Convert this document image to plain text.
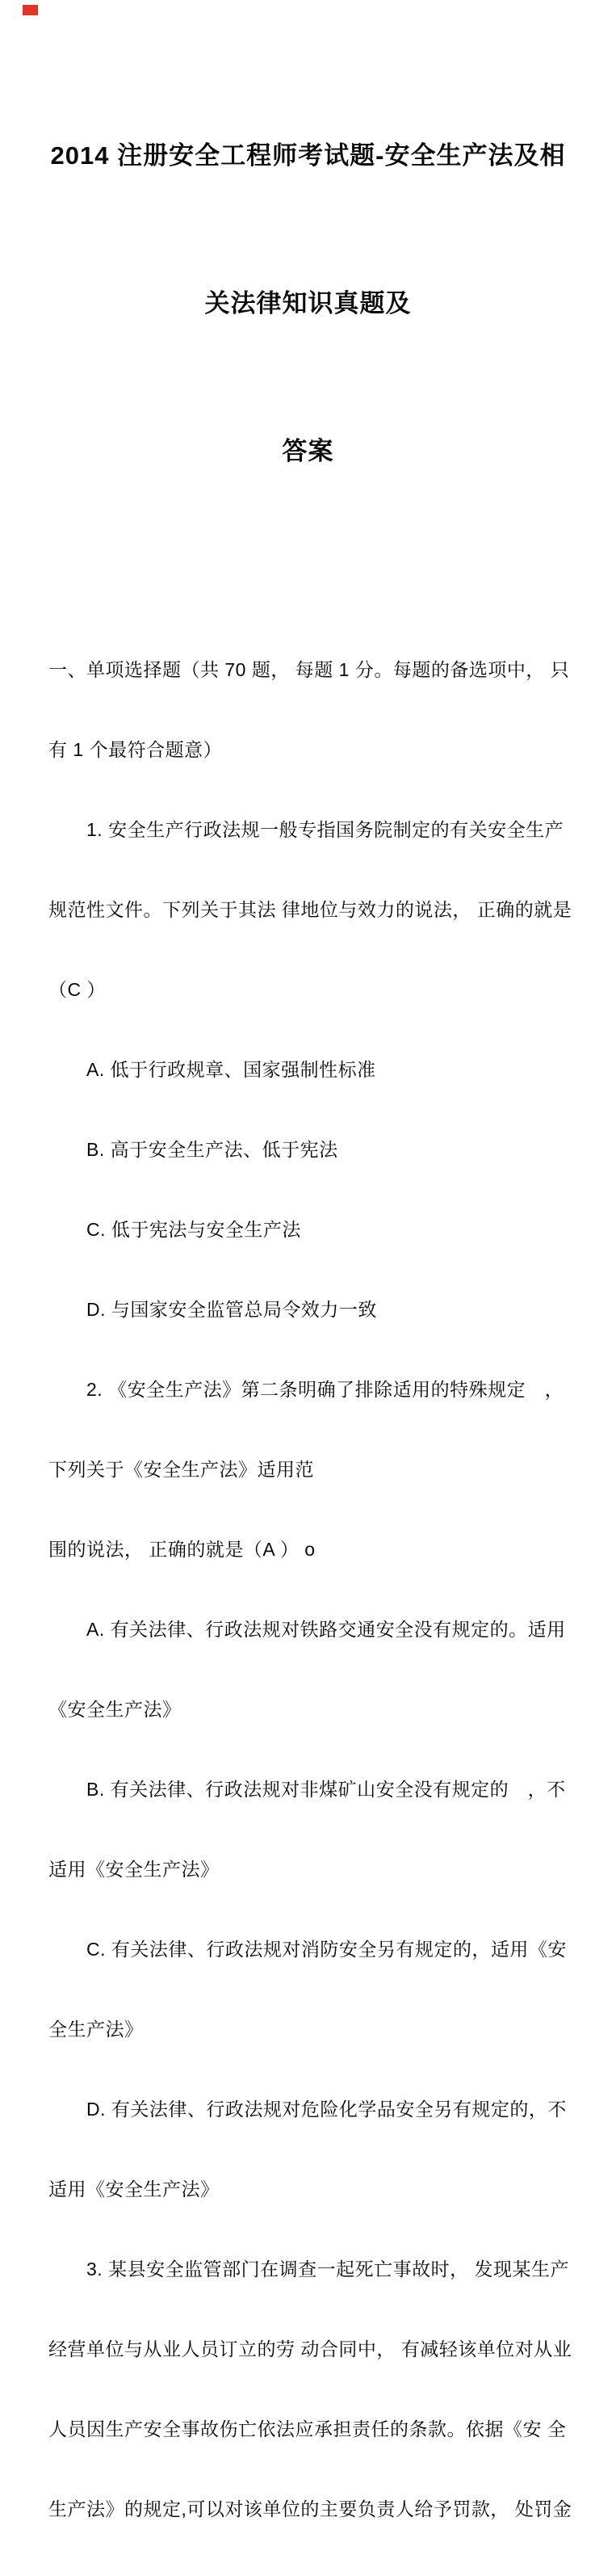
2014 注册安全工程师考试题-安全生产法及相

关法律知识真题及

答案

一、单项选择题（共 70 题， 每题 1 分。每题的备选项中， 只

有 1 个最符合题意）

　　1. 安全生产行政法规一般专指国务院制定的有关安全生产

规范性文件。下列关于其法 律地位与效力的说法， 正确的就是

（C ）

　　A. 低于行政规章、国家强制性标准

　　B. 高于安全生产法、低于宪法

　　C. 低于宪法与安全生产法

　　D. 与国家安全监管总局令效力一致

　　2. 《安全生产法》第二条明确了排除适用的特殊规定　，

下列关于《安全生产法》适用范

围的说法， 正确的就是（A ） o

　　A. 有关法律、行政法规对铁路交通安全没有规定的。适用

《安全生产法》

　　B. 有关法律、行政法规对非煤矿山安全没有规定的　，不

适用《安全生产法》

　　C. 有关法律、行政法规对消防安全另有规定的，适用《安

全生产法》

　　D. 有关法律、行政法规对危险化学品安全另有规定的，不

适用《安全生产法》

　　3. 某县安全监管部门在调查一起死亡事故时， 发现某生产

经营单位与从业人员订立的劳 动合同中， 有减轻该单位对从业

人员因生产安全事故伤亡依法应承担责任的条款。依据《安 全

生产法》的规定,可以对该单位的主要负责人给予罚款， 处罚金
